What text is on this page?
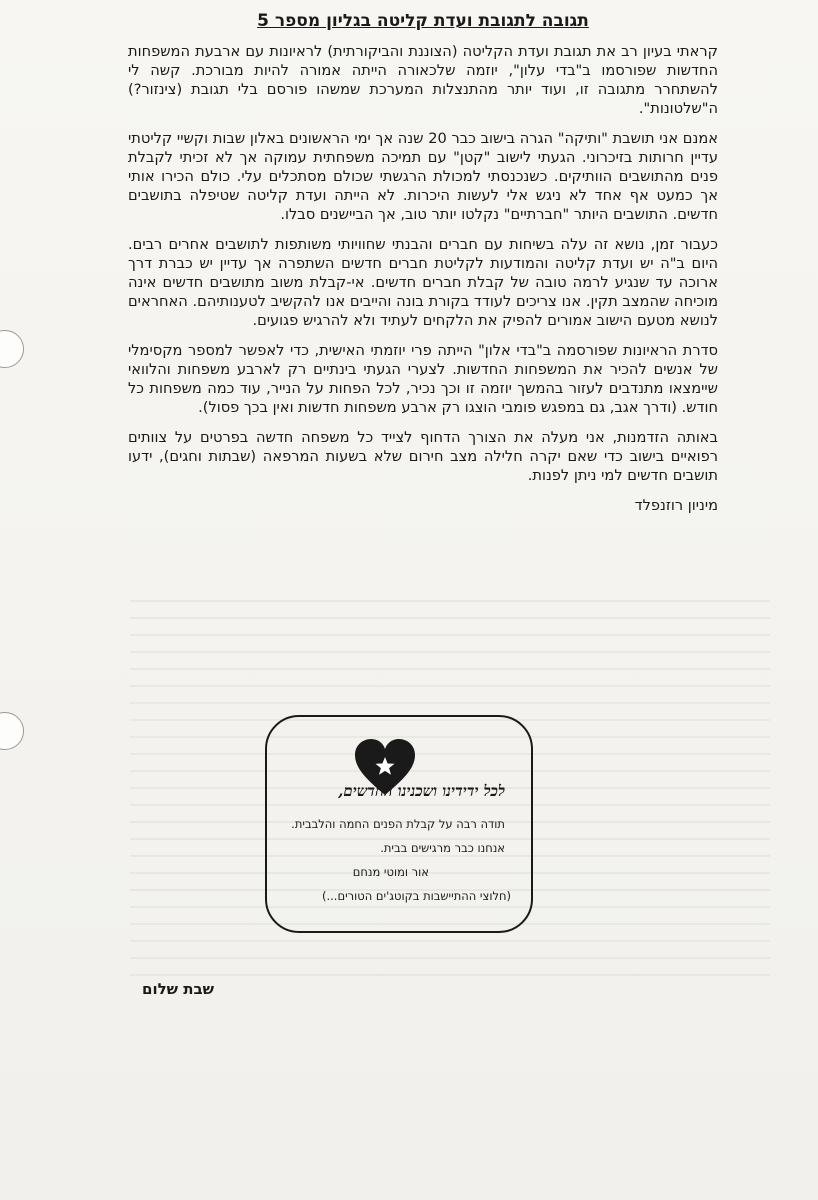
תגובה לתגובת ועדת קליטה בגליון מספר 5

קראתי בעיון רב את תגובת ועדת הקליטה (הצוננת והביקורתית) לראיונות עם ארבעת המשפחות החדשות שפורסמו ב"בדי עלון", יוזמה שלכאורה הייתה אמורה להיות מבורכת. קשה לי להשתחרר מתגובה זו, ועוד יותר מהתנצלות המערכת שמשהו פורסם בלי תגובת (צינזור?) ה"שלטונות".

אמנם אני תושבת "ותיקה" הגרה בישוב כבר 20 שנה אך ימי הראשונים באלון שבות וקשיי קליטתי עדיין חרותות בזיכרוני. הגעתי לישוב "קטן" עם תמיכה משפחתית עמוקה אך לא זכיתי לקבלת פנים מהתושבים הוותיקים. כשנכנסתי למכולת הרגשתי שכולם מסתכלים עלי. כולם הכירו אותי אך כמעט אף אחד לא ניגש אלי לעשות היכרות. לא הייתה ועדת קליטה שטיפלה בתושבים חדשים. התושבים היותר "חברתיים" נקלטו יותר טוב, אך הביישנים סבלו.

כעבור זמן, נושא זה עלה בשיחות עם חברים והבנתי שחוויותי משותפות לתושבים אחרים רבים. היום ב"ה יש ועדת קליטה והמודעות לקליטת חברים חדשים השתפרה אך עדיין יש כברת דרך ארוכה עד שנגיע לרמה טובה של קבלת חברים חדשים. אי-קבלת משוב מתושבים חדשים אינה מוכיחה שהמצב תקין. אנו צריכים לעודד בקורת בונה והייבים אנו להקשיב לטענותיהם. האחראים לנושא מטעם הישוב אמורים להפיק את הלקחים לעתיד ולא להרגיש פגועים.

סדרת הראיונות שפורסמה ב"בדי אלון" הייתה פרי יוזמתי האישית, כדי לאפשר למספר מקסימלי של אנשים להכיר את המשפחות החדשות. לצערי הגעתי בינתיים רק לארבע משפחות והלוואי שיימצאו מתנדבים לעזור בהמשך יוזמה זו וכך נכיר, לכל הפחות על הנייר, עוד כמה משפחות כל חודש. (ודרך אגב, גם במפגש פומבי הוצגו רק ארבע משפחות חדשות ואין בכך פסול).

באותה הזדמנות, אני מעלה את הצורך הדחוף לצייד כל משפחה חדשה בפרטים על צוותים רפואיים בישוב כדי שאם יקרה חלילה מצב חירום שלא בשעות המרפאה (שבתות וחגים), ידעו תושבים חדשים למי ניתן לפנות.

מיניון רוזנפלד
לכל ידידינו ושכנינו החדשים,
תודה רבה על קבלת הפנים החמה והלבבית.
אנחנו כבר מרגישים בבית.
אור ומוטי מנחם
(חלוצי ההתיישבות בקוטג'ים הטורים...)
שבת שלום
